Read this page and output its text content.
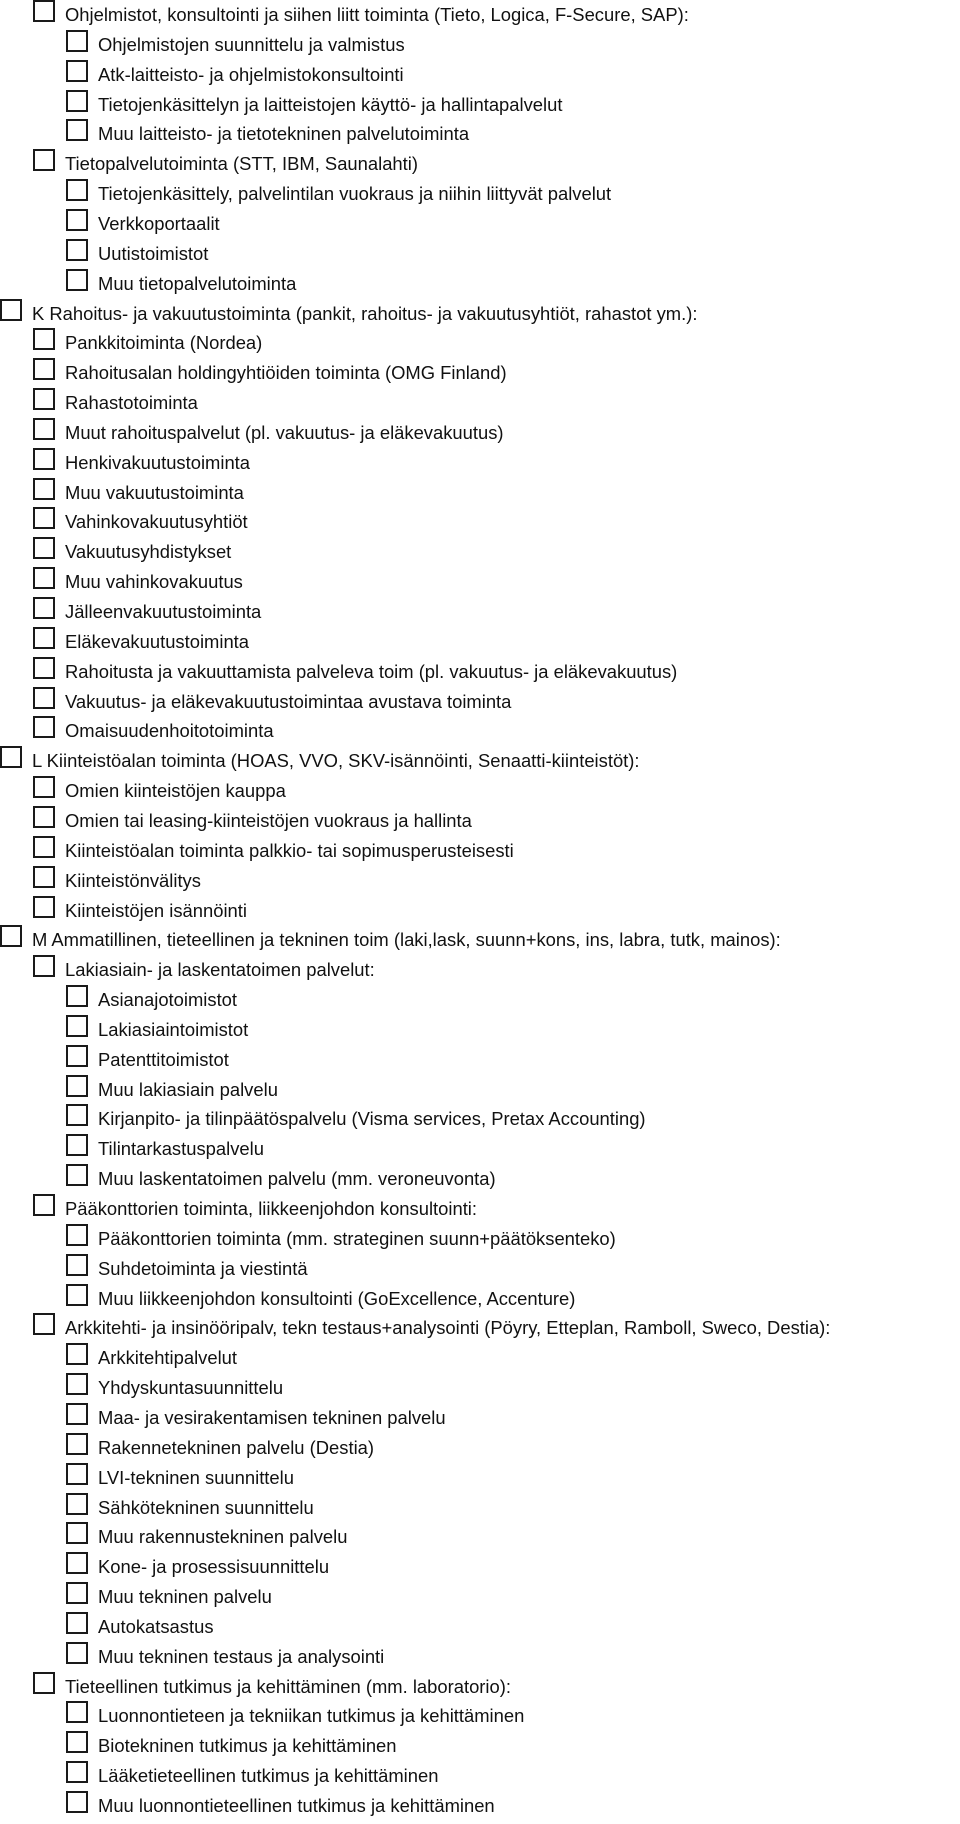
Ohjelmistot, konsultointi ja siihen liitt toiminta (Tieto, Logica, F-Secure, SAP):
Ohjelmistojen suunnittelu ja valmistus
Atk-laitteisto- ja ohjelmistokonsultointi
Tietojenkäsittelyn ja laitteistojen käyttö- ja hallintapalvelut
Muu laitteisto- ja tietotekninen palvelutoiminta
Tietopalvelutoiminta (STT, IBM, Saunalahti)
Tietojenkäsittely, palvelintilan vuokraus ja niihin liittyvät palvelut
Verkkoportaalit
Uutistoimistot
Muu tietopalvelutoiminta
K Rahoitus- ja vakuutustoiminta (pankit, rahoitus- ja vakuutusyhtiöt, rahastot ym.):
Pankkitoiminta (Nordea)
Rahoitusalan holdingyhtiöiden toiminta (OMG Finland)
Rahastotoiminta
Muut rahoituspalvelut (pl. vakuutus- ja eläkevakuutus)
Henkivakuutustoiminta
Muu vakuutustoiminta
Vahinkovakuutusyhtiöt
Vakuutusyhdistykset
Muu vahinkovakuutus
Jälleenvakuutustoiminta
Eläkevakuutustoiminta
Rahoitusta ja vakuuttamista palveleva toim (pl. vakuutus- ja eläkevakuutus)
Vakuutus- ja eläkevakuutustoimintaa avustava toiminta
Omaisuudenhoitotoiminta
L Kiinteistöalan toiminta (HOAS, VVO, SKV-isännöinti, Senaatti-kiinteistöt):
Omien kiinteistöjen kauppa
Omien tai leasing-kiinteistöjen vuokraus ja hallinta
Kiinteistöalan toiminta palkkio- tai sopimusperusteisesti
Kiinteistönvälitys
Kiinteistöjen isännöinti
M Ammatillinen, tieteellinen ja tekninen toim (laki,lask, suunn+kons, ins, labra, tutk, mainos):
Lakiasiain- ja laskentatoimen palvelut:
Asianajotoimistot
Lakiasiaintoimistot
Patenttitoimistot
Muu lakiasiain palvelu
Kirjanpito- ja tilinpäätöspalvelu (Visma services, Pretax Accounting)
Tilintarkastuspalvelu
Muu laskentatoimen palvelu (mm. veroneuvonta)
Pääkonttorien toiminta, liikkeenjohdon konsultointi:
Pääkonttorien toiminta (mm. strateginen suunn+päätöksenteko)
Suhdetoiminta ja viestintä
Muu liikkeenjohdon konsultointi (GoExcellence, Accenture)
Arkkitehti- ja insinööripalv, tekn testaus+analysointi (Pöyry, Etteplan, Ramboll, Sweco, Destia):
Arkkitehtipalvelut
Yhdyskuntasuunnittelu
Maa- ja vesirakentamisen tekninen palvelu
Rakennetekninen palvelu (Destia)
LVI-tekninen suunnittelu
Sähkötekninen suunnittelu
Muu rakennustekninen palvelu
Kone- ja prosessisuunnittelu
Muu tekninen palvelu
Autokatsastus
Muu tekninen testaus ja analysointi
Tieteellinen tutkimus ja kehittäminen (mm. laboratorio):
Luonnontieteen ja tekniikan tutkimus ja kehittäminen
Biotekninen tutkimus ja kehittäminen
Lääketieteellinen tutkimus ja kehittäminen
Muu luonnontieteellinen tutkimus ja kehittäminen
